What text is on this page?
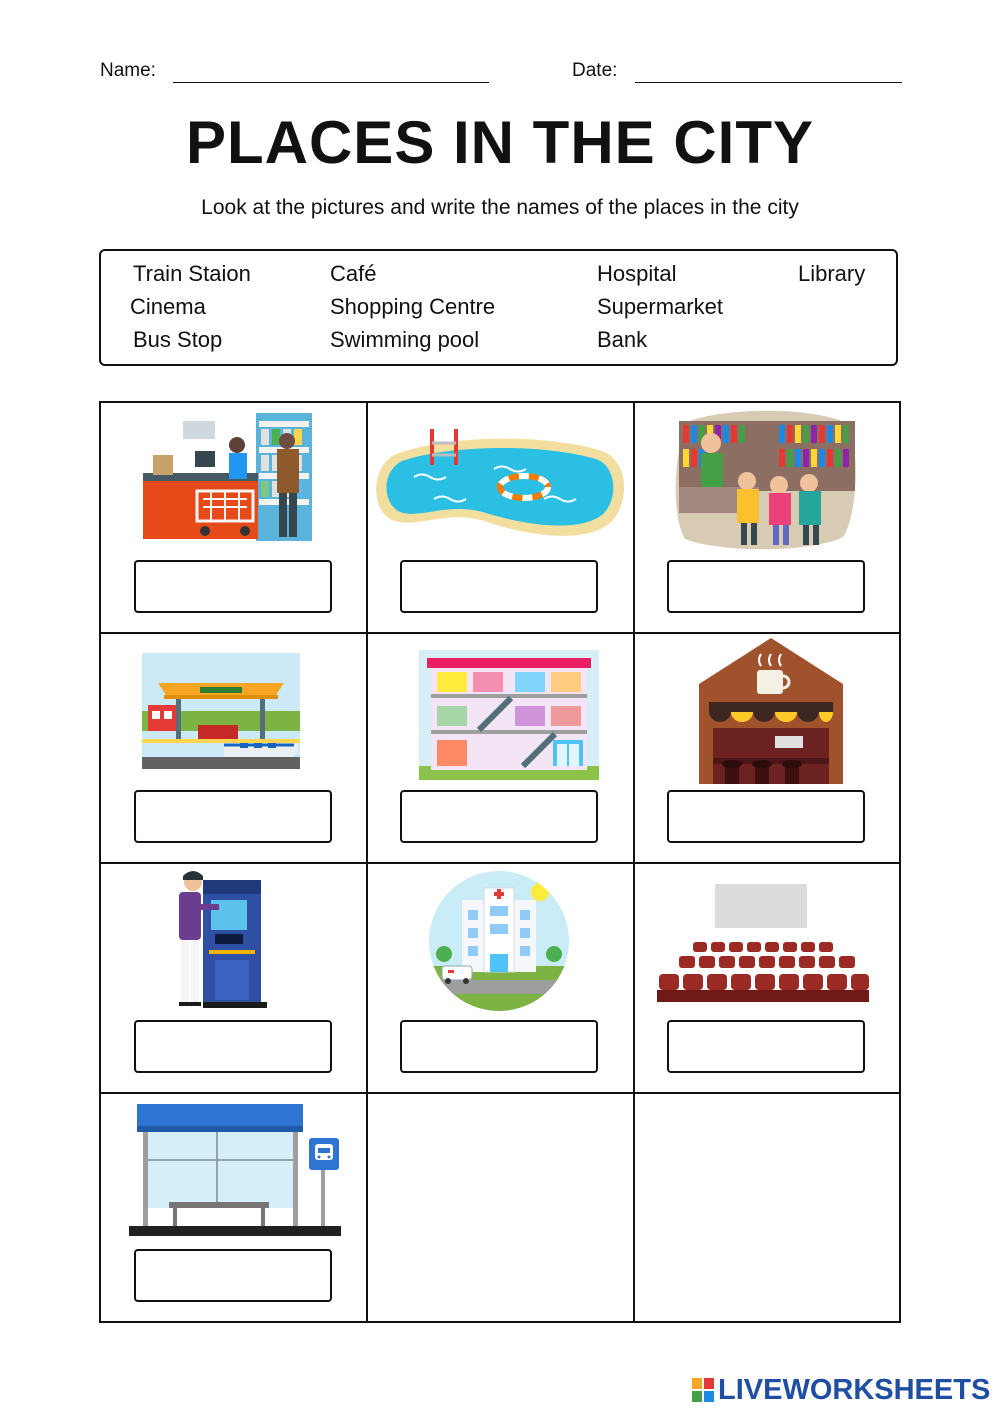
Name:	Date:
PLACES IN THE CITY
Look at the pictures and write the names of the places in the city
Train Staion	Café	Hospital	Library
Cinema	Shopping Centre	Supermarket
Bus Stop	Swimming pool	Bank
LIVEWORKSHEETS
